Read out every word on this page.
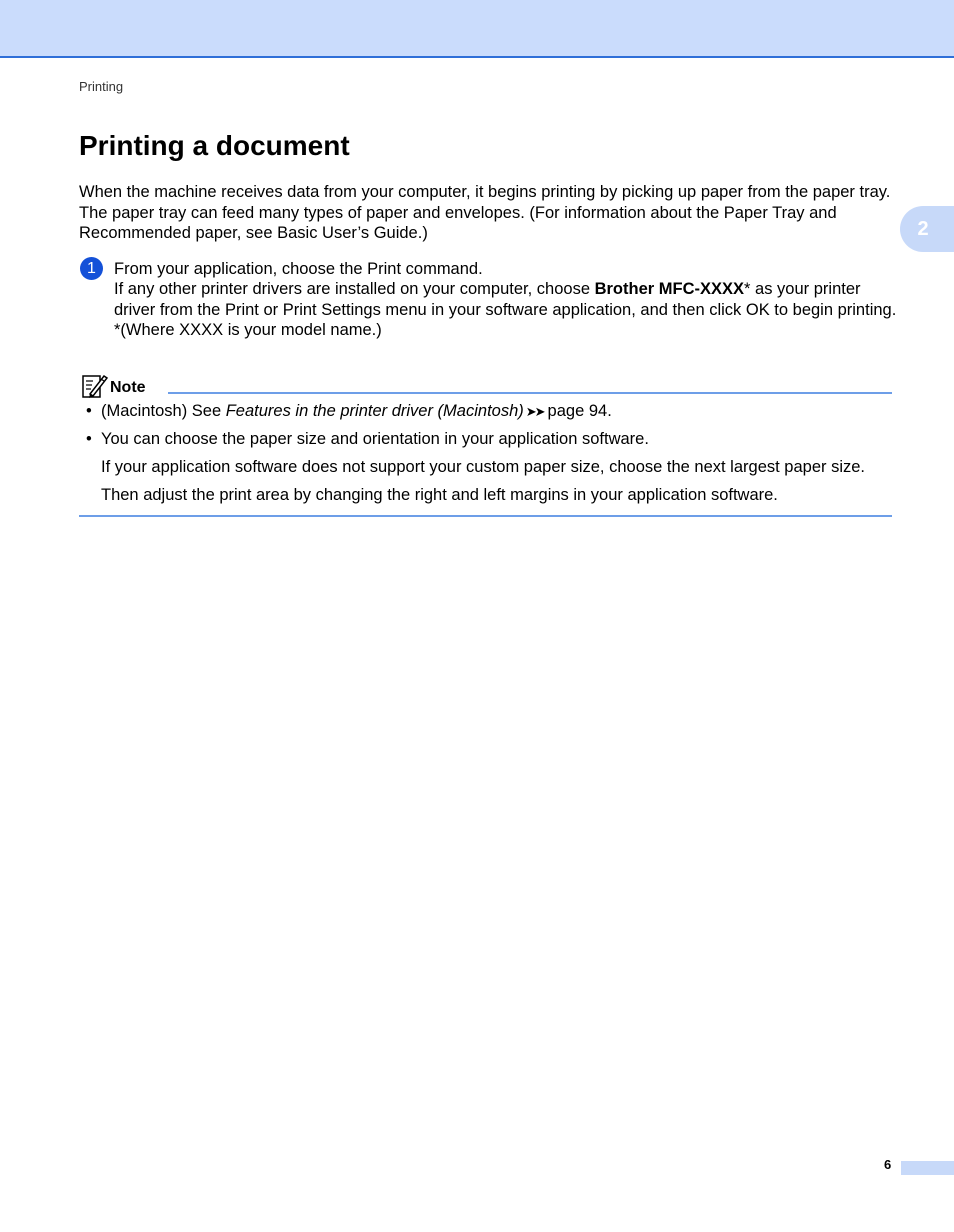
Printing
Printing a document

When the machine receives data from your computer, it begins printing by picking up paper from the paper tray. The paper tray can feed many types of paper and envelopes. (For information about the Paper Tray and Recommended paper, see Basic User’s Guide.)	2
1 From your application, choose the Print command.

If any other printer drivers are installed on your computer, choose Brother MFC-XXXX* as your printer driver from the Print or Print Settings menu in your software application, and then click OK to begin printing.

*(Where XXXX is your model name.)

Note
• (Macintosh) See Features in the printer driver (Macintosh) ➤➤ page 94.
• You can choose the paper size and orientation in your application software.
If your application software does not support your custom paper size, choose the next largest paper size.
Then adjust the print area by changing the right and left margins in your application software.
6
